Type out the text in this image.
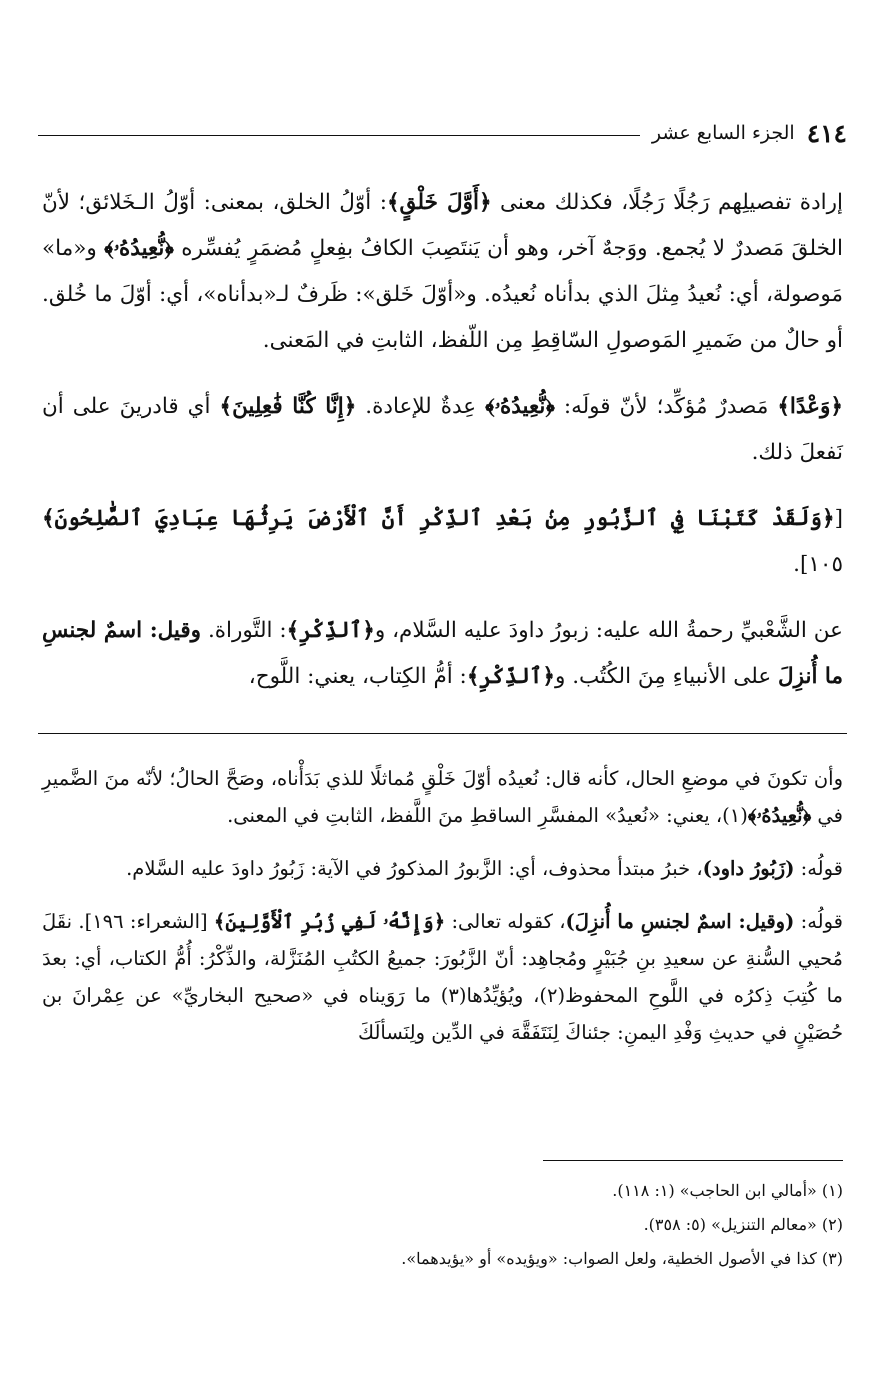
٤١٤
الجزء السابع عشر

إرادة تفصيلِهم رَجُلًا رَجُلًا، فكذلك معنى ﴿أَوَّلَ خَلْقٍ﴾: أوّلُ الخلق، بمعنى: أوّلُ الـخَلائق؛ لأنّ الخلقَ مَصدرٌ لا يُجمع. ووَجهٌ آخر، وهو أن يَنتَصِبَ الكافُ بفِعلٍ مُضمَرٍ يُفسِّره ﴿نُّعِيدُهُۥ﴾ و«ما» مَوصولة، أي: نُعيدُ مِثلَ الذي بدأناه نُعيدُه. و«أوّلَ خَلق»: ظَرفٌ لـ«بدأناه»، أي: أوّلَ ما خُلق. أو حالٌ من ضَميرِ المَوصولِ السّاقِطِ مِن اللّفظ، الثابتِ في المَعنى.

﴿وَعْدًا﴾ مَصدرٌ مُؤكِّد؛ لأنّ قولَه: ﴿نُّعِيدُهُۥ﴾ عِدةٌ للإعادة. ﴿إِنَّا كُنَّا فَٰعِلِينَ﴾ أي قادرينَ على أن نَفعلَ ذلك.

[﴿وَلَقَدْ كَتَبْنَا فِي ٱلزَّبُورِ مِنۢ بَعْدِ ٱلذِّكْرِ أَنَّ ٱلْأَرْضَ يَرِثُهَا عِبَادِيَ ٱلصَّٰلِحُونَ﴾ ١٠٥].

عن الشَّعْبيِّ رحمةُ الله عليه: زبورُ داودَ عليه السَّلام، و﴿ٱلذِّكْرِ﴾: التَّوراة. وقيل: اسمٌ لجنسِ ما أُنزِلَ على الأنبياءِ مِنَ الكُتُب. و﴿ٱلذِّكْرِ﴾: أمُّ الكِتاب، يعني: اللَّوح،

وأن تكونَ في موضعِ الحال، كأنه قال: نُعيدُه أوّلَ خَلْقٍ مُماثلًا للذي بَدَأْناه، وصَحَّ الحالُ؛ لأنّه منَ الضَّميرِ في ﴿نُّعِيدُهُۥ﴾(١)، يعني: «نُعيدُ» المفسَّرِ الساقطِ منَ اللَّفظ، الثابتِ في المعنى.

قولُه: (زَبُورُ داود)، خبرُ مبتدأ محذوف، أي: الزَّبورُ المذكورُ في الآية: زَبُورُ داودَ عليه السَّلام.

قولُه: (وقيل: اسمٌ لجنسِ ما أُنزِلَ)، كقوله تعالى: ﴿وَإِنَّهُۥ لَفِي زُبُرِ ٱلْأَوَّلِينَ﴾ [الشعراء: ١٩٦]. نقَلَ مُحيي السُّنةِ عن سعيدِ بنِ جُبَيْرٍ ومُجاهِد: أنّ الزَّبُورَ: جميعُ الكتُبِ المُنَزَّلة، والذِّكْرُ: أُمُّ الكتاب، أي: بعدَ ما كُتِبَ ذِكرُه في اللَّوحِ المحفوظ(٢)، ويُؤيِّدُها(٣) ما رَوَيناه في «صحيح البخاريِّ» عن عِمْرانَ بن حُصَيْنٍ في حديثِ وَفْدِ اليمنِ: جئناكَ لِنَتَفَقَّهَ في الدِّين ولِنَسألَكَ

(١) «أمالي ابن الحاجب» (١: ١١٨).

(٢) «معالم التنزيل» (٥: ٣٥٨).

(٣) كذا في الأصول الخطية، ولعل الصواب: «ويؤيده» أو «يؤيدهما».
